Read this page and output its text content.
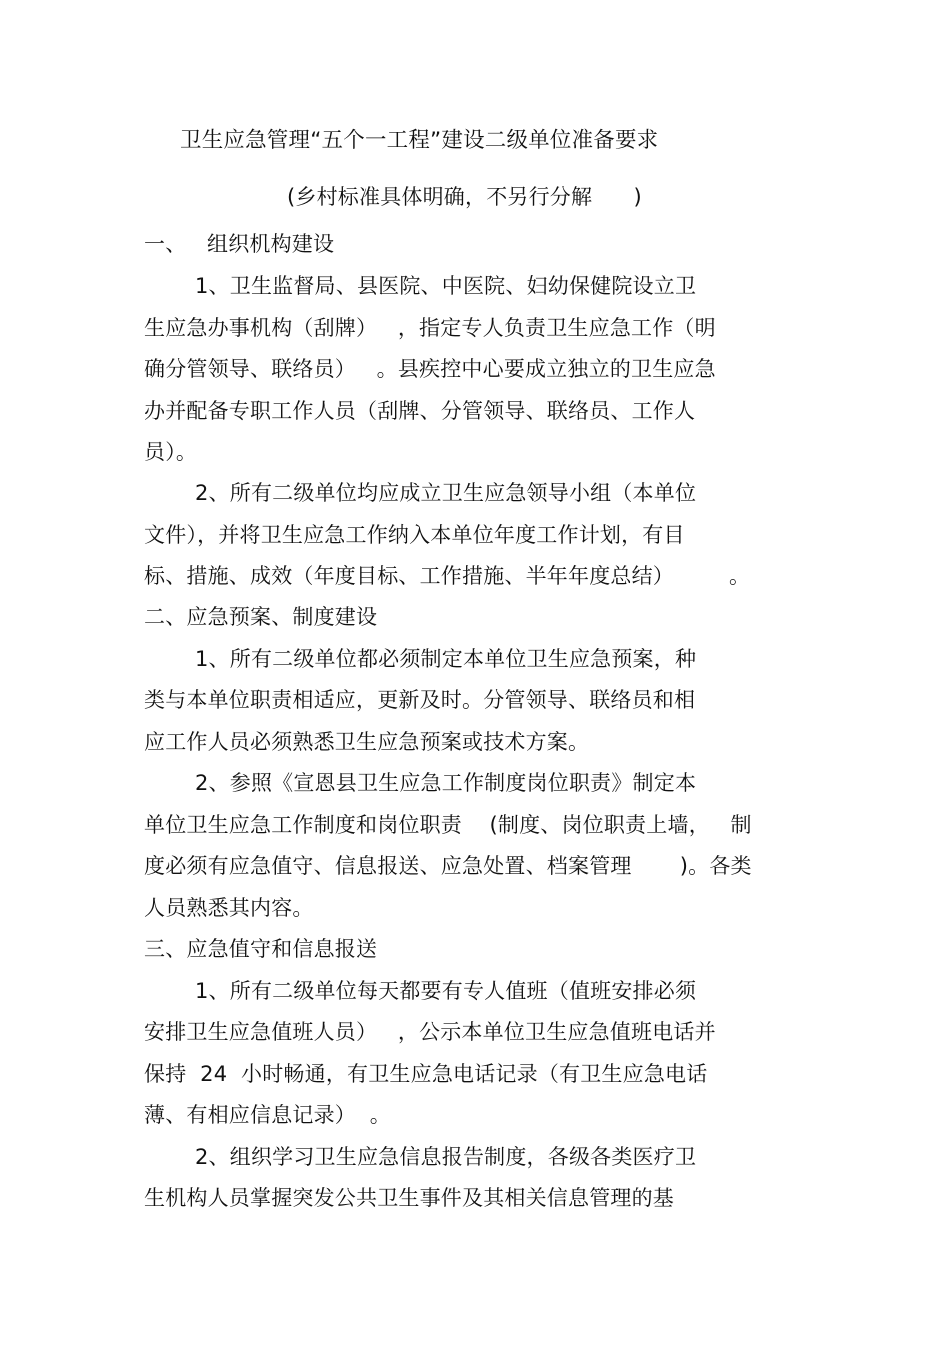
卫生应急管理“五个一工程”建设二级单位准备要求
(乡村标准具体明确，不另行分解      )
一、   组织机构建设
1、卫生监督局、县医院、中医院、妇幼保健院设立卫
生应急办事机构（刮牌）   ，指定专人负责卫生应急工作（明
确分管领导、联络员）   。县疾控中心要成立独立的卫生应急
办并配备专职工作人员（刮牌、分管领导、联络员、工作人
员）。
2、所有二级单位均应成立卫生应急领导小组（本单位
文件），并将卫生应急工作纳入本单位年度工作计划，有目
标、措施、成效（年度目标、工作措施、半年年度总结）        。
二、应急预案、制度建设
1、所有二级单位都必须制定本单位卫生应急预案，种
类与本单位职责相适应，更新及时。分管领导、联络员和相
应工作人员必须熟悉卫生应急预案或技术方案。
2、参照《宣恩县卫生应急工作制度岗位职责》制定本
单位卫生应急工作制度和岗位职责    (制度、岗位职责上墙，   制
度必须有应急值守、信息报送、应急处置、档案管理       )。各类
人员熟悉其内容。
三、应急值守和信息报送
1、所有二级单位每天都要有专人值班（值班安排必须
安排卫生应急值班人员）   ，公示本单位卫生应急值班电话并
保持  24  小时畅通，有卫生应急电话记录（有卫生应急电话
薄、有相应信息记录）  。
2、组织学习卫生应急信息报告制度，各级各类医疗卫
生机构人员掌握突发公共卫生事件及其相关信息管理的基
